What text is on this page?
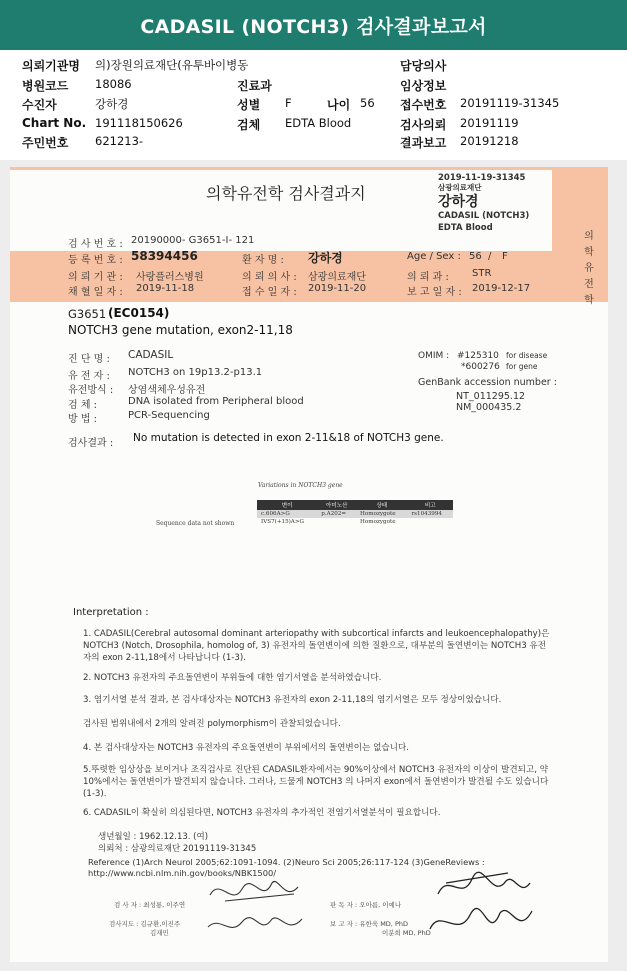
CADASIL (NOTCH3) 검사결과보고서
의뢰기관명 의)장원의료재단(유투바이병동	담당의사
병원코드 18086	진료과	임상정보
수진자	강하경	성별 F	나이 56 접수번호 20191119-31345
Chart No. 191118150626	검체 EDTA Blood	검사의뢰 20191119
주민번호 621213-	결과보고 20191218
의학유전학 검사결과지
2019-11-19-31345
삼광의료재단
강하경
CADASIL (NOTCH3)
EDTA Blood
의학유전학
검 사 번 호 : 20190000- G3651-I- 121
등 록 번 호 : 58394456	환 자 명 : 강하경	Age / Sex : 56 / F
의 뢰 기 관 : 사랑플러스병원	의 뢰 의 사 : 삼광의료재단	의 뢰 과 : STR
채 혈 일 자 : 2019-11-18	접 수 일 자 : 2019-11-20	보 고 일 자 : 2019-12-17
G3651 (EC0154)
NOTCH3 gene mutation, exon2-11,18
진 단 명 : CADASIL
유 전 자 : NOTCH3 on 19p13.2-p13.1
유전방식 : 상염색체우성유전
검 체 :	DNA isolated from Peripheral blood
방 법 :	PCR-Sequencing
OMIM : #125310 for disease
*600276 for gene
GenBank accession number :
NT_011295.12
NM_000435.2
검사결과 : No mutation is detected in exon 2-11&18 of NOTCH3 gene.
Variations in NOTCH3 gene
Sequence data not shown
변이	아미노산	상태	비고
c.606A>G	p.A202=	Homozygote	rs1043994
IVS7(+15)A>G		Homozygote	
Interpretation :
1. CADASIL(Cerebral autosomal dominant arteriopathy with subcortical infarcts and leukoencephalopathy)은 NOTCH3 (Notch, Drosophila, homolog of, 3) 유전자의 돌연변이에 의한 질환으로, 대부분의 돌연변이는 NOTCH3 유전자의 exon 2-11,18에서 나타납니다 (1-3).
2. NOTCH3 유전자의 주요돌연변이 부위들에 대한 염기서열을 분석하였습니다.
3. 염기서열 분석 결과, 본 검사대상자는 NOTCH3 유전자의 exon 2-11,18의 염기서열은 모두 정상이었습니다.
검사된 범위내에서 2개의 알려진 polymorphism이 관찰되었습니다.
4. 본 검사대상자는 NOTCH3 유전자의 주요돌연변이 부위에서의 돌연변이는 없습니다.
5.뚜렷한 임상상을 보이거나 조직검사로 진단된 CADASIL환자에서는 90%이상에서 NOTCH3 유전자의 이상이 발견되고, 약 10%에서는 돌연변이가 발견되지 않습니다. 그러나, 드물게 NOTCH3 의 나머지 exon에서 돌연변이가 발견될 수도 있습니다 (1-3).
6. CADASIL이 확실히 의심된다면, NOTCH3 유전자의 추가적인 전염기서열분석이 필요합니다.
생년월일 : 1962.12.13. (여)
의뢰처 : 삼광의료재단 20191119-31345
Reference (1)Arch Neurol 2005;62:1091-1094. (2)Neuro Sci 2005;26:117-124 (3)GeneReviews :
http://www.ncbi.nlm.nih.gov/books/NBK1500/
검 사 자 : 최성룡, 이주연
검사지도 : 김규환,이진주
김재민
판 독 자 : 오아름, 이예나
보 고 자 : 유한욱 MD, PhD
이분희 MD, PhD
